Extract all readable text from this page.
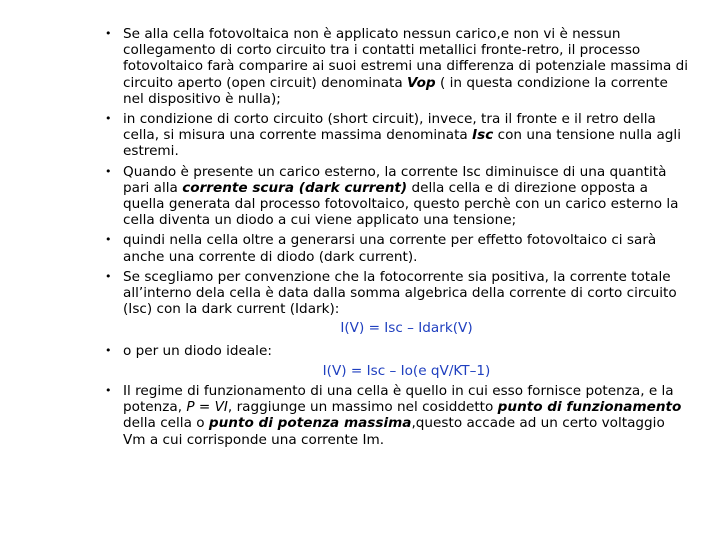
• Se alla cella fotovoltaica non è applicato nessun carico,e non vi è nessun collegamento di corto circuito tra i contatti metallici fronte-retro, il processo fotovoltaico farà comparire ai suoi estremi una differenza di potenziale massima di circuito aperto (open circuit) denominata Vop ( in questa condizione la corrente nel dispositivo è nulla);
• in condizione di corto circuito (short circuit), invece, tra il fronte e il retro della cella, si misura una corrente massima denominata Isc con una tensione nulla agli estremi.
• Quando è presente un carico esterno, la corrente Isc diminuisce di una quantità pari alla corrente scura (dark current) della cella e di direzione opposta a quella generata dal processo fotovoltaico, questo perchè con un carico esterno la cella diventa un diodo a cui viene applicato una tensione;
• quindi nella cella oltre a generarsi una corrente per effetto fotovoltaico ci sarà anche una corrente di diodo (dark current).
• Se scegliamo per convenzione che la fotocorrente sia positiva, la corrente totale all’interno dela cella è data dalla somma algebrica della corrente di corto circuito (Isc) con la dark current (Idark):
I(V) = Isc – Idark(V)
• o per un diodo ideale:
I(V) = Isc – Io(e qV/KT–1)
• Il regime di funzionamento di una cella è quello in cui esso fornisce potenza, e la potenza, P = VI, raggiunge un massimo nel cosiddetto punto di funzionamento della cella o punto di potenza massima,questo accade ad un certo voltaggio Vm a cui corrisponde una corrente Im.
